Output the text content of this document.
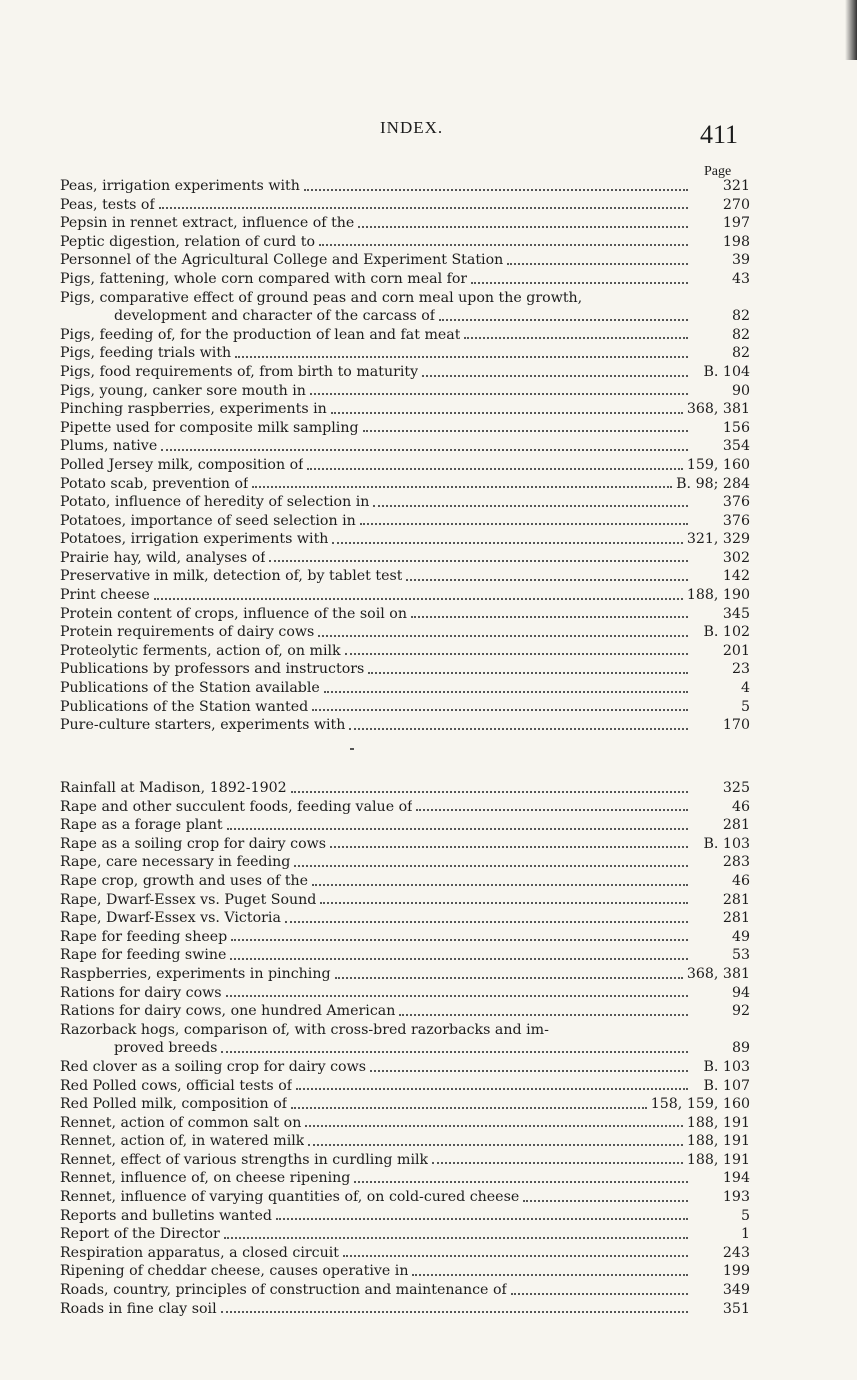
INDEX.	411
Page
Peas, irrigation experiments with	321
Peas, tests of	270
Pepsin in rennet extract, influence of the	197
Peptic digestion, relation of curd to	198
Personnel of the Agricultural College and Experiment Station	39
Pigs, fattening, whole corn compared with corn meal for	43
Pigs, comparative effect of ground peas and corn meal upon the growth,
development and character of the carcass of	82
Pigs, feeding of, for the production of lean and fat meat	82
Pigs, feeding trials with	82
Pigs, food requirements of, from birth to maturity	B. 104
Pigs, young, canker sore mouth in	90
Pinching raspberries, experiments in	368, 381
Pipette used for composite milk sampling	156
Plums, native	354
Polled Jersey milk, composition of	159, 160
Potato scab, prevention of	B. 98; 284
Potato, influence of heredity of selection in	376
Potatoes, importance of seed selection in	376
Potatoes, irrigation experiments with	321, 329
Prairie hay, wild, analyses of	302
Preservative in milk, detection of, by tablet test	142
Print cheese	188, 190
Protein content of crops, influence of the soil on	345
Protein requirements of dairy cows	B. 102
Proteolytic ferments, action of, on milk	201
Publications by professors and instructors	23
Publications of the Station available	4
Publications of the Station wanted	5
Pure-culture starters, experiments with	170
Rainfall at Madison, 1892-1902	325
Rape and other succulent foods, feeding value of	46
Rape as a forage plant	281
Rape as a soiling crop for dairy cows	B. 103
Rape, care necessary in feeding	283
Rape crop, growth and uses of the	46
Rape, Dwarf-Essex vs. Puget Sound	281
Rape, Dwarf-Essex vs. Victoria	281
Rape for feeding sheep	49
Rape for feeding swine	53
Raspberries, experiments in pinching	368, 381
Rations for dairy cows	94
Rations for dairy cows, one hundred American	92
Razorback hogs, comparison of, with cross-bred razorbacks and im-
proved breeds	89
Red clover as a soiling crop for dairy cows	B. 103
Red Polled cows, official tests of	B. 107
Red Polled milk, composition of	158, 159, 160
Rennet, action of common salt on	188, 191
Rennet, action of, in watered milk	188, 191
Rennet, effect of various strengths in curdling milk	188, 191
Rennet, influence of, on cheese ripening	194
Rennet, influence of varying quantities of, on cold-cured cheese	193
Reports and bulletins wanted	5
Report of the Director	1
Respiration apparatus, a closed circuit	243
Ripening of cheddar cheese, causes operative in	199
Roads, country, principles of construction and maintenance of	349
Roads in fine clay soil	351
